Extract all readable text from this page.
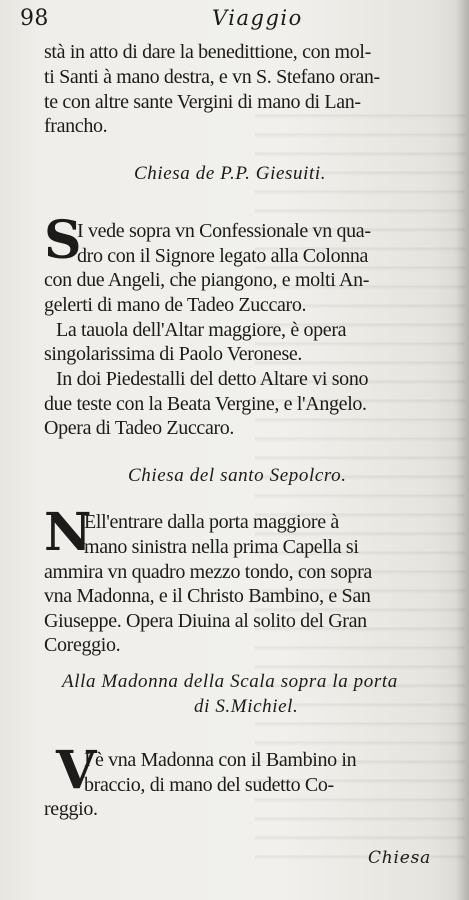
98	Viaggio
stà in atto di dare la benedittione, con mol-
ti Santi à mano destra, e vn S. Stefano oran-
te con altre sante Vergini di mano di Lan-
francho.
Chiesa de P.P. Giesuiti.
S
I vede sopra vn Confessionale vn qua-
dro con il Signore legato alla Colonna
con due Angeli, che piangono, e molti An-
gelerti di mano de Tadeo Zuccaro.
La tauola dell'Altar maggiore, è opera
singolarissima di Paolo Veronese.
In doi Piedestalli del detto Altare vi sono
due teste con la Beata Vergine, e l'Angelo.
Opera di Tadeo Zuccaro.
Chiesa del santo Sepolcro.
N
Ell'entrare dalla porta maggiore à
mano sinistra nella prima Capella si
ammira vn quadro mezzo tondo, con sopra
vna Madonna, e il Christo Bambino, e San
Giuseppe. Opera Diuina al solito del Gran
Coreggio.
Alla Madonna della Scala sopra la porta
di S.Michiel.
V
I è vna Madonna con il Bambino in
braccio, di mano del sudetto Co-
reggio.
Chiesa
